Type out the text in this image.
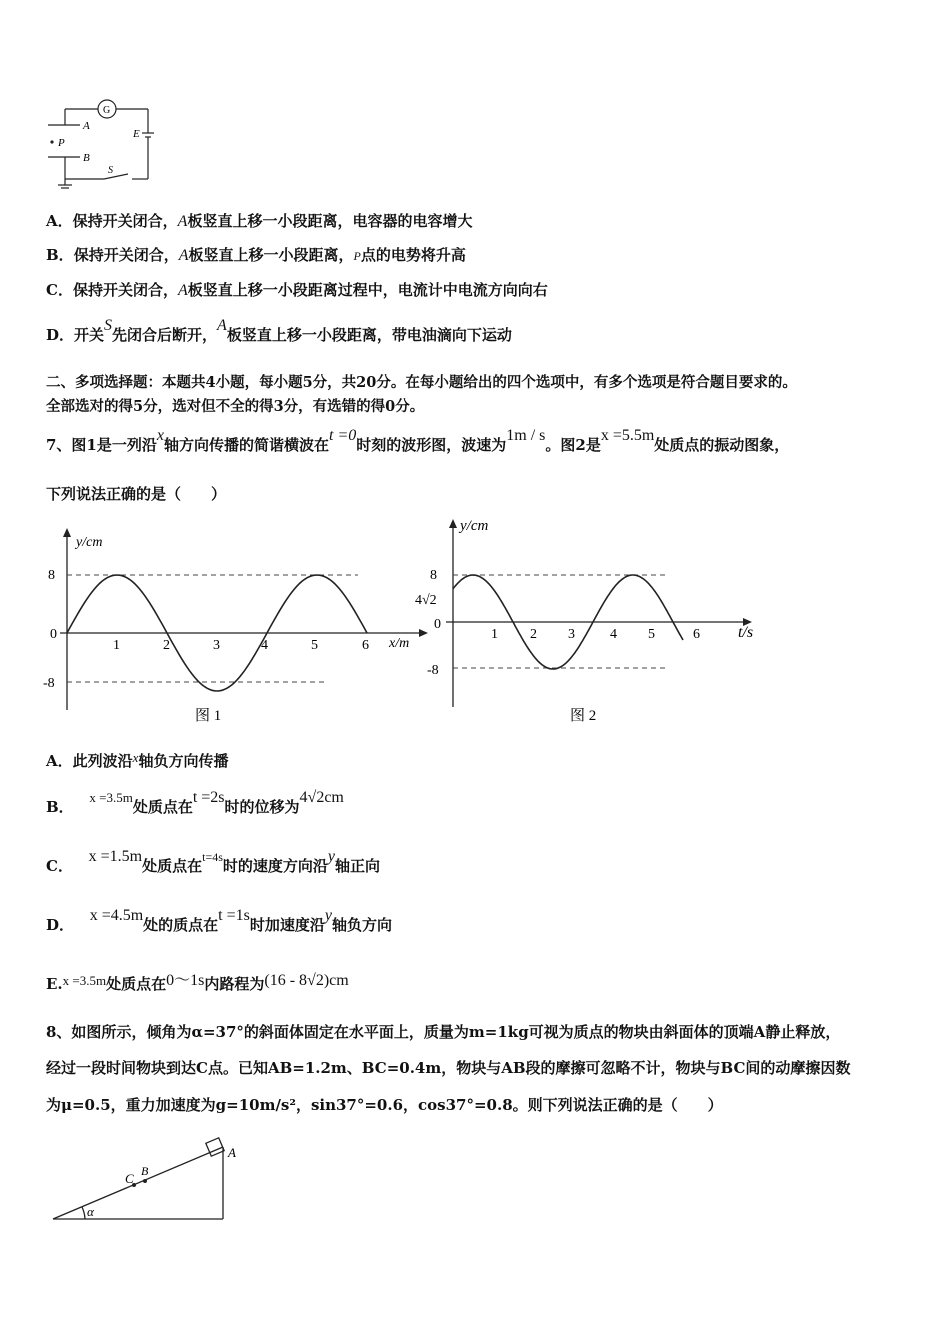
G
A
P
B
E
S
A．保持开关闭合，A板竖直上移一小段距离，电容器的电容增大
B．保持开关闭合，A板竖直上移一小段距离，P点的电势将升高
C．保持开关闭合，A板竖直上移一小段距离过程中，电流计中电流方向向右
D．开关S先闭合后断开，A板竖直上移一小段距离，带电油滴向下运动
二、多项选择题：本题共4小题，每小题5分，共20分。在每小题给出的四个选项中，有多个选项是符合题目要求的。
全部选对的得5分，选对但不全的得3分，有选错的得0分。
7、图1是一列沿x轴方向传播的简谐横波在t =0时刻的波形图，波速为1m / s。图2是x =5.5m处质点的振动图象，
下列说法正确的是（　　）
y/cm
x/m
8
0
-8
1	2	3	4	5	6
图 1
y/cm
t/s
8
4√2
0
-8
1 2 3	4 5	6
图 2
A．此列波沿x轴负方向传播
B．   x =3.5m处质点在t =2s时的位移为4√2cm
C．   x =1.5m处质点在$^{t=4s}$时的速度方向沿y轴正向
D．   x =4.5m处的质点在t =1s时加速度沿y轴负方向
E.x =3.5m处质点在0～1s内路程为(16 - 8√2)cm
8、如图所示，倾角为α=37°的斜面体固定在水平面上，质量为m=1kg可视为质点的物块由斜面体的顶端A静止释放，
经过一段时间物块到达C点。已知AB=1.2m、BC=0.4m，物块与AB段的摩擦可忽略不计，物块与BC间的动摩擦因数
为μ=0.5，重力加速度为g=10m/s²，sin37°=0.6，cos37°=0.8。则下列说法正确的是（　　）
A
B
C
α
